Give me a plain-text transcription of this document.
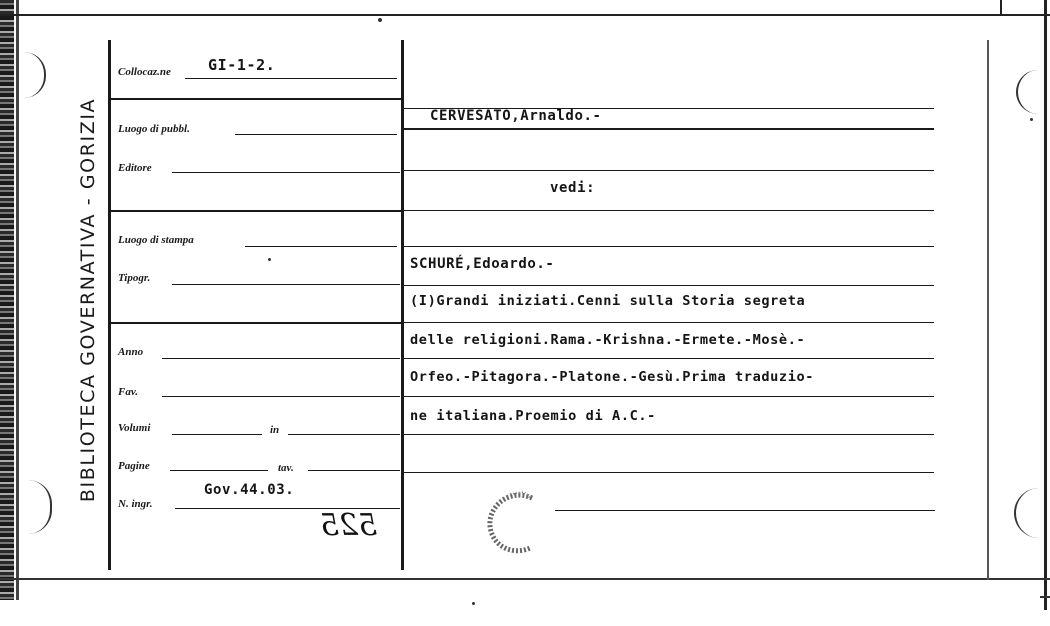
BIBLIOTECA GOVERNATIVA - GORIZIA
Collocaz.ne GI-1-2.
Luogo di pubbl.
Editore
Luogo di stampa
Tipogr.
Anno
Fav.
Volumi	in
Pagine	tav.
N. ingr.
Gov.44.03.
525
CERVESATO,Arnaldo.-
vedi:
SCHURÉ,Edoardo.-
(I)Grandi iniziati.Cenni sulla Storia segreta
delle religioni.Rama.-Krishna.-Ermete.-Mosè.-
Orfeo.-Pitagora.-Platone.-Gesù.Prima traduzio-
ne italiana.Proemio di A.C.-
